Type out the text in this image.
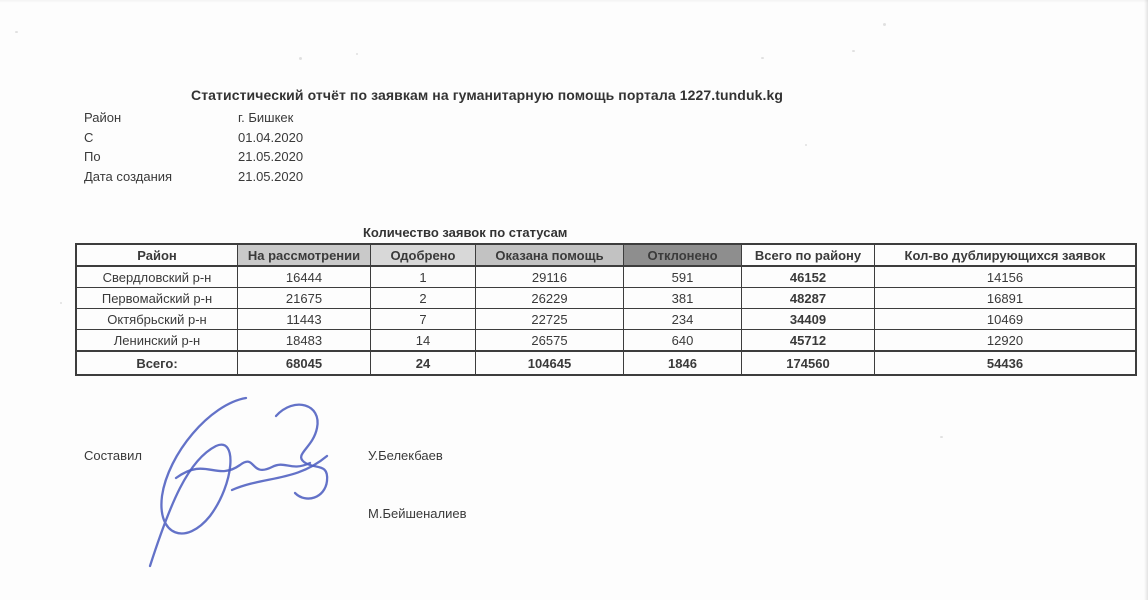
Статистический отчёт по заявкам на гуманитарную помощь портала 1227.tunduk.kg
Район	г. Бишкек
С	01.04.2020
По	21.05.2020
Дата создания	21.05.2020
Количество заявок по статусам
Район	На рассмотрении	Одобрено	Оказана помощь	Отклонено	Всего по району	Кол-во дублирующихся заявок
Свердловский р-н	16444	1	29116	591	46152	14156
Первомайский р-н	21675	2	26229	381	48287	16891
Октябрьский р-н	11443	7	22725	234	34409	10469
Ленинский р-н	18483	14	26575	640	45712	12920
Всего:	68045	24	104645	1846	174560	54436
Составил	У.Белекбаев
М.Бейшеналиев
